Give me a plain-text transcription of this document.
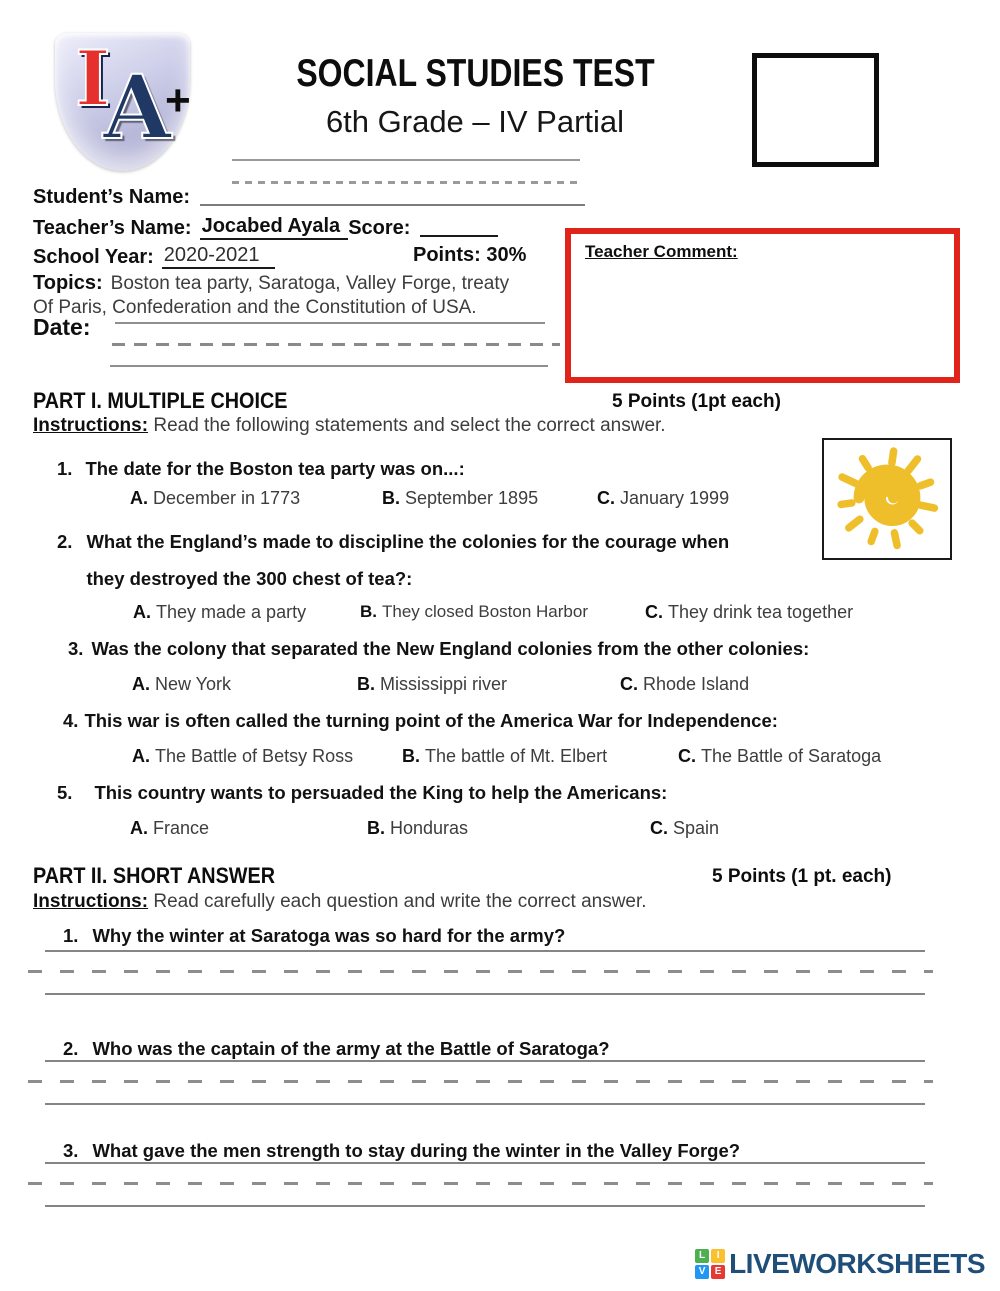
I
A
+
SOCIAL STUDIES TEST
6th Grade – IV Partial
Student’s Name:
Teacher’s Name: Jocabed Ayala Score:
School Year: 2020-2021	Points: 30%
Topics: Boston tea party, Saratoga, Valley Forge, treaty
Of Paris, Confederation and the Constitution of USA.
Date:
Teacher Comment:
PART I. MULTIPLE CHOICE	5 Points (1pt each)
Instructions: Read the following statements and select the correct answer.
1. The date for the Boston tea party was on...:
A. December in 1773	B. September 1895	C. January 1999
2. What the England’s made to discipline the colonies for the courage when
they destroyed the 300 chest of tea?:
A. They made a party	B. They closed Boston Harbor	C. They drink tea together
3. Was the colony that separated the New England colonies from the other colonies:
A. New York	B. Mississippi river	C. Rhode Island
4. This war is often called the turning point of the America War for Independence:
A. The Battle of Betsy Ross	B. The battle of Mt. Elbert	C. The Battle of Saratoga
5. This country wants to persuaded the King to help the Americans:
A. France	B. Honduras	C. Spain
PART II. SHORT ANSWER	5 Points (1 pt. each)
Instructions: Read carefully each question and write the correct answer.
1. Why the winter at Saratoga was so hard for the army?
2. Who was the captain of the army at the Battle of Saratoga?
3. What gave the men strength to stay during the winter in the Valley Forge?
L	I
V E LIVEWORKSHEETS
